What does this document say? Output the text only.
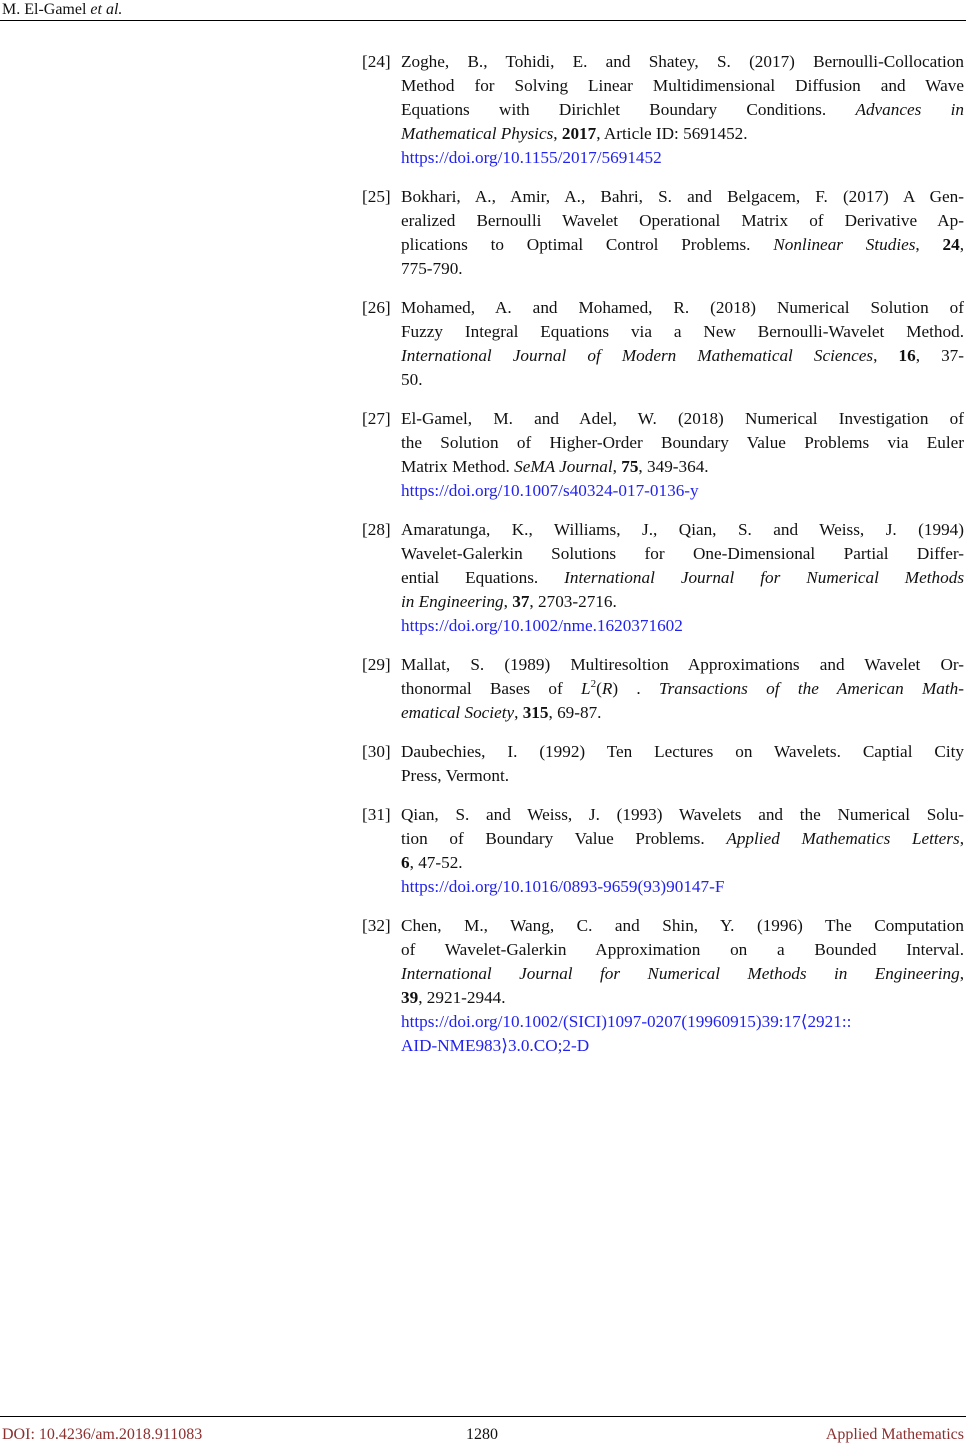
M. El-Gamel et al.
[24] Zoghe, B., Tohidi, E. and Shatey, S. (2017) Bernoulli-Collocation
Method for Solving Linear Multidimensional Diffusion and Wave
Equations with Dirichlet Boundary Conditions. Advances in
Mathematical Physics, 2017, Article ID: 5691452.
https://doi.org/10.1155/2017/5691452
[25] Bokhari, A., Amir, A., Bahri, S. and Belgacem, F. (2017) A Gen-
eralized Bernoulli Wavelet Operational Matrix of Derivative Ap-
plications to Optimal Control Problems. Nonlinear Studies, 24,
775-790.
[26] Mohamed, A. and Mohamed, R. (2018) Numerical Solution of
Fuzzy Integral Equations via a New Bernoulli-Wavelet Method.
International Journal of Modern Mathematical Sciences, 16, 37-
50.
[27] El-Gamel, M. and Adel, W. (2018) Numerical Investigation of
the Solution of Higher-Order Boundary Value Problems via Euler
Matrix Method. SeMA Journal, 75, 349-364.
https://doi.org/10.1007/s40324-017-0136-y
[28] Amaratunga, K., Williams, J., Qian, S. and Weiss, J. (1994)
Wavelet-Galerkin Solutions for One-Dimensional Partial Differ-
ential Equations. International Journal for Numerical Methods
in Engineering, 37, 2703-2716.
https://doi.org/10.1002/nme.1620371602
[29] Mallat, S. (1989) Multiresoltion Approximations and Wavelet Or-
thonormal Bases of $L^2(R)$ . Transactions of the American Math-
ematical Society, 315, 69-87.
[30] Daubechies, I. (1992) Ten Lectures on Wavelets. Captial City
Press, Vermont.
[31] Qian, S. and Weiss, J. (1993) Wavelets and the Numerical Solu-
tion of Boundary Value Problems. Applied Mathematics Letters,
6, 47-52.
https://doi.org/10.1016/0893-9659(93)90147-F
[32] Chen, M., Wang, C. and Shin, Y. (1996) The Computation
of Wavelet-Galerkin Approximation on a Bounded Interval.
International Journal for Numerical Methods in Engineering,
39, 2921-2944.
https://doi.org/10.1002/(SICI)1097-0207(19960915)39:17⟨2921::
AID-NME983⟩3.0.CO;2-D
DOI: 10.4236/am.2018.911083	1280	Applied Mathematics
